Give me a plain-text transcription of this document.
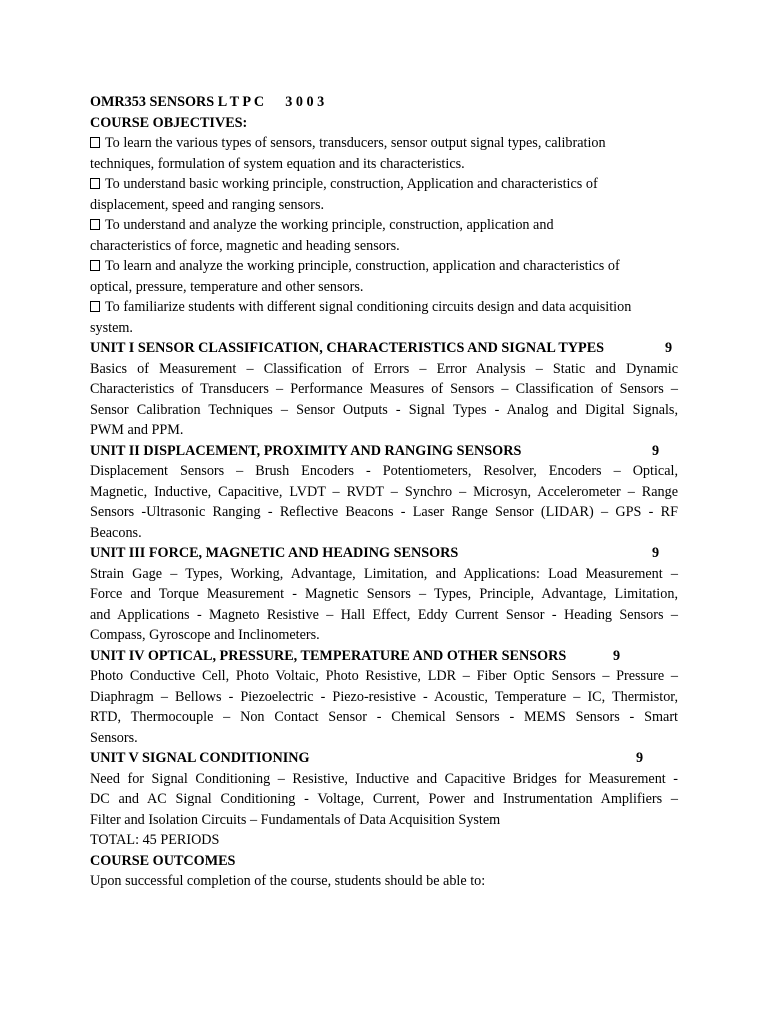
OMR353 SENSORS L T P C 3 0 0 3
COURSE OBJECTIVES:
To learn the various types of sensors, transducers, sensor output signal types, calibration
techniques, formulation of system equation and its characteristics.
To understand basic working principle, construction, Application and characteristics of
displacement, speed and ranging sensors.
To understand and analyze the working principle, construction, application and
characteristics of force, magnetic and heading sensors.
To learn and analyze the working principle, construction, application and characteristics of
optical, pressure, temperature and other sensors.
To familiarize students with different signal conditioning circuits design and data acquisition
system.
UNIT I SENSOR CLASSIFICATION, CHARACTERISTICS AND SIGNAL TYPES	9
Basics of Measurement – Classification of Errors – Error Analysis – Static and Dynamic
Characteristics of Transducers – Performance Measures of Sensors – Classification of Sensors –
Sensor Calibration Techniques – Sensor Outputs - Signal Types - Analog and Digital Signals,
PWM and PPM.
UNIT II DISPLACEMENT, PROXIMITY AND RANGING SENSORS	9
Displacement Sensors – Brush Encoders - Potentiometers, Resolver, Encoders – Optical,
Magnetic, Inductive, Capacitive, LVDT – RVDT – Synchro – Microsyn, Accelerometer – Range
Sensors -Ultrasonic Ranging - Reflective Beacons - Laser Range Sensor (LIDAR) – GPS - RF
Beacons.
UNIT III FORCE, MAGNETIC AND HEADING SENSORS	9
Strain Gage – Types, Working, Advantage, Limitation, and Applications: Load Measurement –
Force and Torque Measurement - Magnetic Sensors – Types, Principle, Advantage, Limitation,
and Applications - Magneto Resistive – Hall Effect, Eddy Current Sensor - Heading Sensors –
Compass, Gyroscope and Inclinometers.
UNIT IV OPTICAL, PRESSURE, TEMPERATURE AND OTHER SENSORS	9
Photo Conductive Cell, Photo Voltaic, Photo Resistive, LDR – Fiber Optic Sensors – Pressure –
Diaphragm – Bellows - Piezoelectric - Piezo-resistive - Acoustic, Temperature – IC, Thermistor,
RTD, Thermocouple – Non Contact Sensor - Chemical Sensors - MEMS Sensors - Smart
Sensors.
UNIT V SIGNAL CONDITIONING	9
Need for Signal Conditioning – Resistive, Inductive and Capacitive Bridges for Measurement -
DC and AC Signal Conditioning - Voltage, Current, Power and Instrumentation Amplifiers –
Filter and Isolation Circuits – Fundamentals of Data Acquisition System
TOTAL: 45 PERIODS
COURSE OUTCOMES
Upon successful completion of the course, students should be able to:
